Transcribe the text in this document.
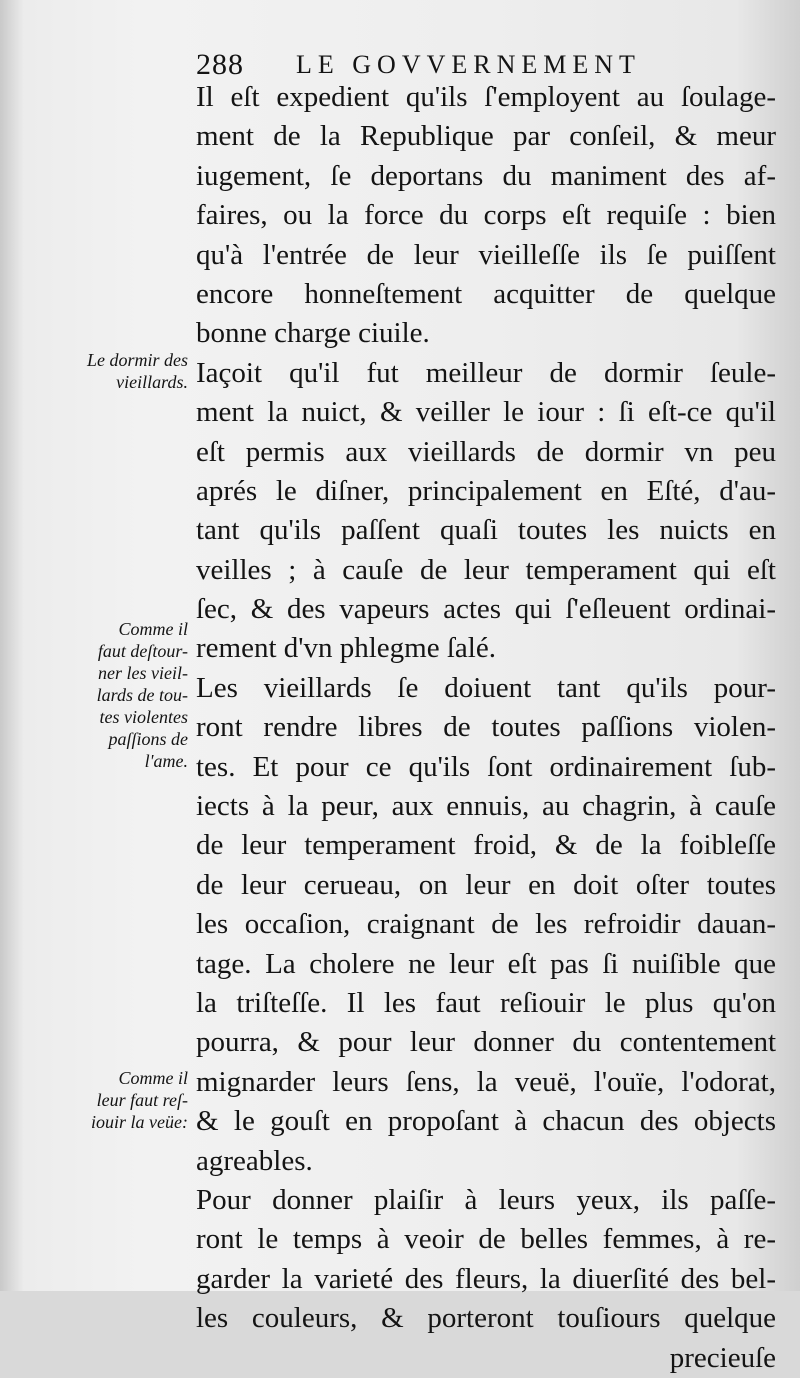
288 LE GOVVERNEMENT
Le dormir des
vieillards.
Comme il
faut deſtour-
ner les vieil-
lards de tou-
tes violentes
paſſions de
l'ame.
Comme il
leur faut reſ-
iouir la veüe:
Il eſt expedient qu'ils ſ'employent au ſoulage-
ment de la Republique par conſeil, & meur
iugement, ſe deportans du maniment des af-
faires, ou la force du corps eſt requiſe : bien
qu'à l'entrée de leur vieilleſſe ils ſe puiſſent
encore honneſtement acquitter de quelque
bonne charge ciuile.
Iaçoit qu'il fut meilleur de dormir ſeule-
ment la nuict, & veiller le iour : ſi eſt-ce qu'il
eſt permis aux vieillards de dormir vn peu
aprés le diſner, principalement en Eſté, d'au-
tant qu'ils paſſent quaſi toutes les nuicts en
veilles ; à cauſe de leur temperament qui eſt
ſec, & des vapeurs actes qui ſ'eſleuent ordinai-
rement d'vn phlegme ſalé.
Les vieillards ſe doiuent tant qu'ils pour-
ront rendre libres de toutes paſſions violen-
tes. Et pour ce qu'ils ſont ordinairement ſub-
iects à la peur, aux ennuis, au chagrin, à cauſe
de leur temperament froid, & de la foibleſſe
de leur cerueau, on leur en doit oſter toutes
les occaſion, craignant de les refroidir dauan-
tage. La cholere ne leur eſt pas ſi nuiſible que
la triſteſſe. Il les faut reſiouir le plus qu'on
pourra, & pour leur donner du contentement
mignarder leurs ſens, la veuë, l'ouïe, l'odorat,
& le gouſt en propoſant à chacun des objects
agreables.
Pour donner plaiſir à leurs yeux, ils paſſe-
ront le temps à veoir de belles femmes, à re-
garder la varieté des fleurs, la diuerſité des bel-
les couleurs, & porteront touſiours quelque
precieuſe
